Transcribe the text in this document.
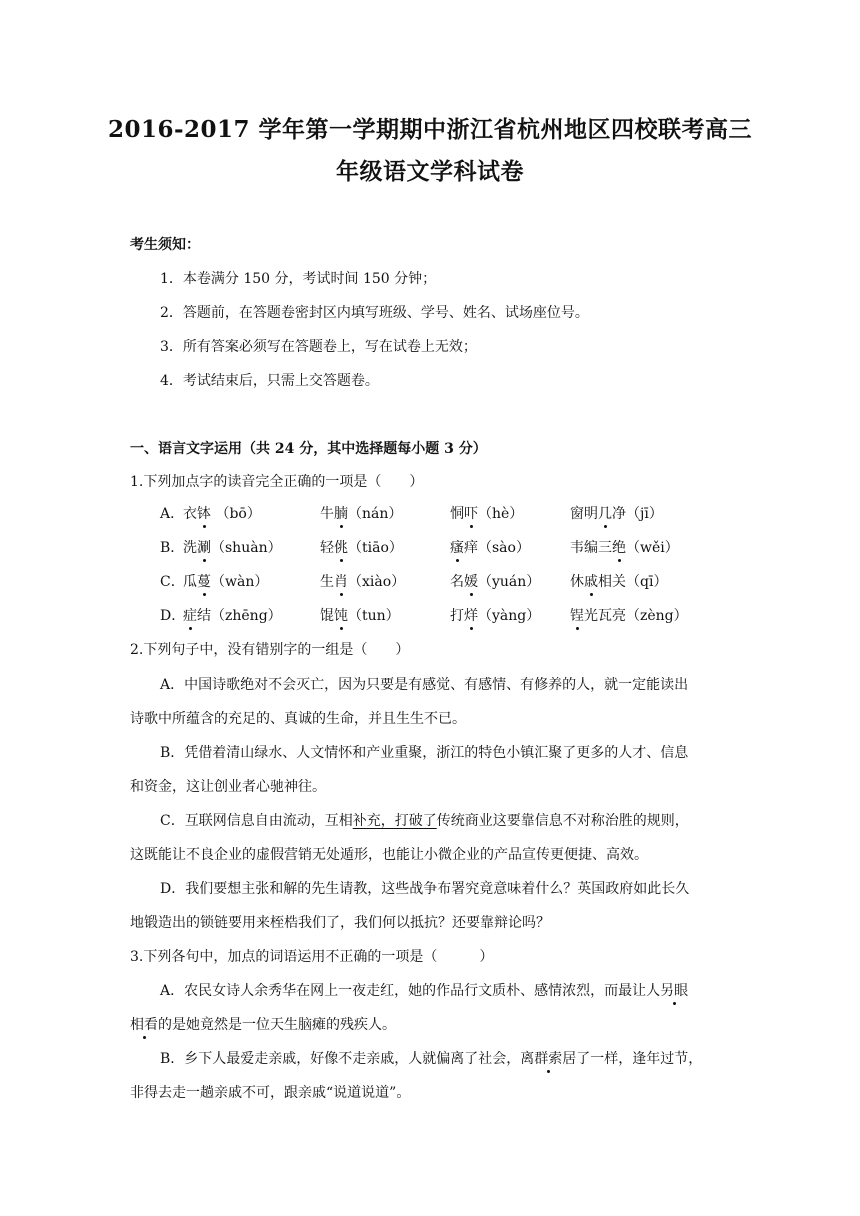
2016-2017 学年第一学期期中浙江省杭州地区四校联考高三
年级语文学科试卷
考生须知：
1．本卷满分 150 分，考试时间 150 分钟；
2．答题前，在答题卷密封区内填写班级、学号、姓名、试场座位号。
3．所有答案必须写在答题卷上，写在试卷上无效；
4．考试结束后，只需上交答题卷。
一、语言文字运用（共 24 分，其中选择题每小题 3 分）
1.下列加点字的读音完全正确的一项是（　　）
A．
衣钵 （bō）	牛腩（nán）	恫吓（hè）	窗明几净（jī）
B．
洗涮（shuàn）	轻佻（tiāo）	瘙痒（sào）	韦编三绝（wěi）
C．
瓜蔓（wàn）	生肖（xiào）	名媛（yuán） 休戚相关（qī）
D．
症结（zhēng）	馄饨（tun）	打烊（yàng） 锃光瓦亮（zèng）
2.下列句子中，没有错别字的一组是（　　）
A．中国诗歌绝对不会灭亡，因为只要是有感觉、有感情、有修养的人，就一定能读出
诗歌中所蕴含的充足的、真诚的生命，并且生生不已。
B．凭借着清山绿水、人文情怀和产业重聚，浙江的特色小镇汇聚了更多的人才、信息
和资金，这让创业者心驰神往。
C．互联网信息自由流动，互相补充，打破了传统商业这要靠信息不对称治胜的规则，
这既能让不良企业的虚假营销无处遁形，也能让小微企业的产品宣传更便捷、高效。
D．我们要想主张和解的先生请教，这些战争布署究竟意味着什么？英国政府如此长久
地锻造出的锁链要用来桎梏我们了，我们何以抵抗？还要靠辩论吗？
3.下列各句中，加点的词语运用不正确的一项是（　　　）
A．农民女诗人余秀华在网上一夜走红，她的作品行文质朴、感情浓烈，而最让人另眼
相看的是她竟然是一位天生脑瘫的残疾人。
B．乡下人最爱走亲戚，好像不走亲戚，人就偏离了社会，离群索居了一样，逢年过节，
非得去走一趟亲戚不可，跟亲戚“说道说道”。
